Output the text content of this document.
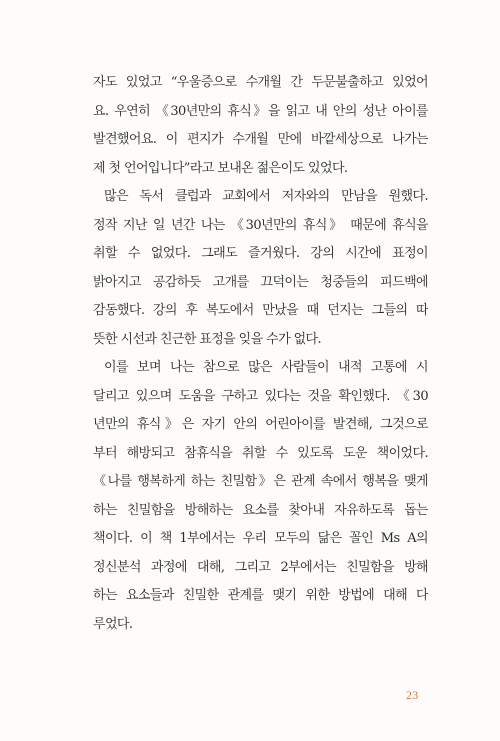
자도 있었고 “우울증으로 수개월 간 두문불출하고 있었어
요. 우연히 《30년만의 휴식》을 읽고 내 안의 성난 아이를
발견했어요. 이 편지가 수개월 만에 바깥세상으로 나가는
제 첫 언어입니다”라고 보내온 젊은이도 있었다.
많은 독서 클럽과 교회에서 저자와의 만남을 원했다.
정작 지난 일 년간 나는 《30년만의 휴식》 때문에 휴식을
취할 수 없었다. 그래도 즐거웠다. 강의 시간에 표정이
밝아지고 공감하듯 고개를 끄덕이는 청중들의 피드백에
감동했다. 강의 후 복도에서 만났을 때 던지는 그들의 따
뜻한 시선과 친근한 표정을 잊을 수가 없다.
이를 보며 나는 참으로 많은 사람들이 내적 고통에 시
달리고 있으며 도움을 구하고 있다는 것을 확인했다. 《30
년만의 휴식》은 자기 안의 어린아이를 발견해, 그것으로
부터 해방되고 참휴식을 취할 수 있도록 도운 책이었다.
《나를 행복하게 하는 친밀함》은 관계 속에서 행복을 맺게
하는 친밀함을 방해하는 요소를 찾아내 자유하도록 돕는
책이다. 이 책 1부에서는 우리 모두의 닮은 꼴인 Ms A의
정신분석 과정에 대해, 그리고 2부에서는 친밀함을 방해
하는 요소들과 친밀한 관계를 맺기 위한 방법에 대해 다
루었다.
23
